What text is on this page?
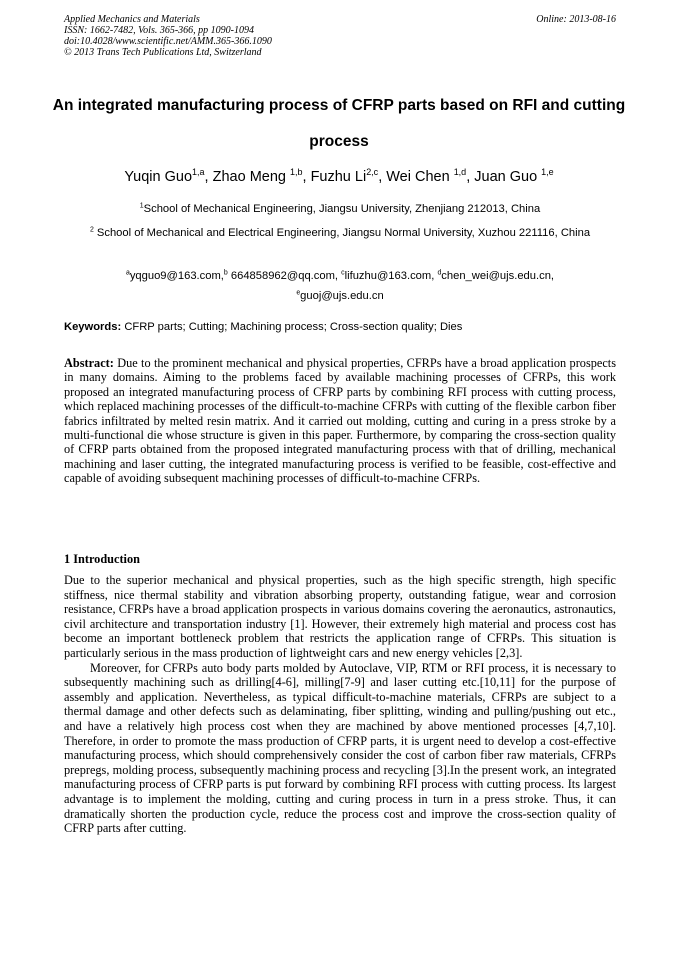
Applied Mechanics and Materials
ISSN: 1662-7482, Vols. 365-366, pp 1090-1094
doi:10.4028/www.scientific.net/AMM.365-366.1090
© 2013 Trans Tech Publications Ltd, Switzerland
Online: 2013-08-16
An integrated manufacturing process of CFRP parts based on RFI and cutting process
Yuqin Guo$^{1,a}$, Zhao Meng $^{1,b}$, Fuzhu Li$^{2,c}$, Wei Chen $^{1,d}$, Juan Guo $^{1,e}$
$^1$School of Mechanical Engineering, Jiangsu University, Zhenjiang 212013, China
$^2$ School of Mechanical and Electrical Engineering, Jiangsu Normal University, Xuzhou 221116, China
$^a$yqguo9@163.com,$^b$ 664858962@qq.com, $^c$lifuzhu@163.com, $^d$chen_wei@ujs.edu.cn, $^e$guoj@ujs.edu.cn
Keywords: CFRP parts; Cutting; Machining process; Cross-section quality; Dies
Abstract: Due to the prominent mechanical and physical properties, CFRPs have a broad application prospects in many domains. Aiming to the problems faced by available machining processes of CFRPs, this work proposed an integrated manufacturing process of CFRP parts by combining RFI process with cutting process, which replaced machining processes of the difficult-to-machine CFRPs with cutting of the flexible carbon fiber fabrics infiltrated by melted resin matrix. And it carried out molding, cutting and curing in a press stroke by a multi-functional die whose structure is given in this paper. Furthermore, by comparing the cross-section quality of CFRP parts obtained from the proposed integrated manufacturing process with that of drilling, mechanical machining and laser cutting, the integrated manufacturing process is verified to be feasible, cost-effective and capable of avoiding subsequent machining processes of difficult-to-machine CFRPs.
1 Introduction

Due to the superior mechanical and physical properties, such as the high specific strength, high specific stiffness, nice thermal stability and vibration absorbing property, outstanding fatigue, wear and corrosion resistance, CFRPs have a broad application prospects in various domains covering the aeronautics, astronautics, civil architecture and transportation industry [1]. However, their extremely high material and process cost has become an important bottleneck problem that restricts the application range of CFRPs. This situation is particularly serious in the mass production of lightweight cars and new energy vehicles [2,3].

Moreover, for CFRPs auto body parts molded by Autoclave, VIP, RTM or RFI process, it is necessary to subsequently machining such as drilling[4-6], milling[7-9] and laser cutting etc.[10,11] for the purpose of assembly and application. Nevertheless, as typical difficult-to-machine materials, CFRPs are subject to a thermal damage and other defects such as delaminating, fiber splitting, winding and pulling/pushing out etc., and have a relatively high process cost when they are machined by above mentioned processes [4,7,10]. Therefore, in order to promote the mass production of CFRP parts, it is urgent need to develop a cost-effective manufacturing process, which should comprehensively consider the cost of carbon fiber raw materials, CFRPs prepregs, molding process, subsequently machining process and recycling [3].In the present work, an integrated manufacturing process of CFRP parts is put forward by combining RFI process with cutting process. Its largest advantage is to implement the molding, cutting and curing process in turn in a press stroke. Thus, it can dramatically shorten the production cycle, reduce the process cost and improve the cross-section quality of CFRP parts after cutting.
